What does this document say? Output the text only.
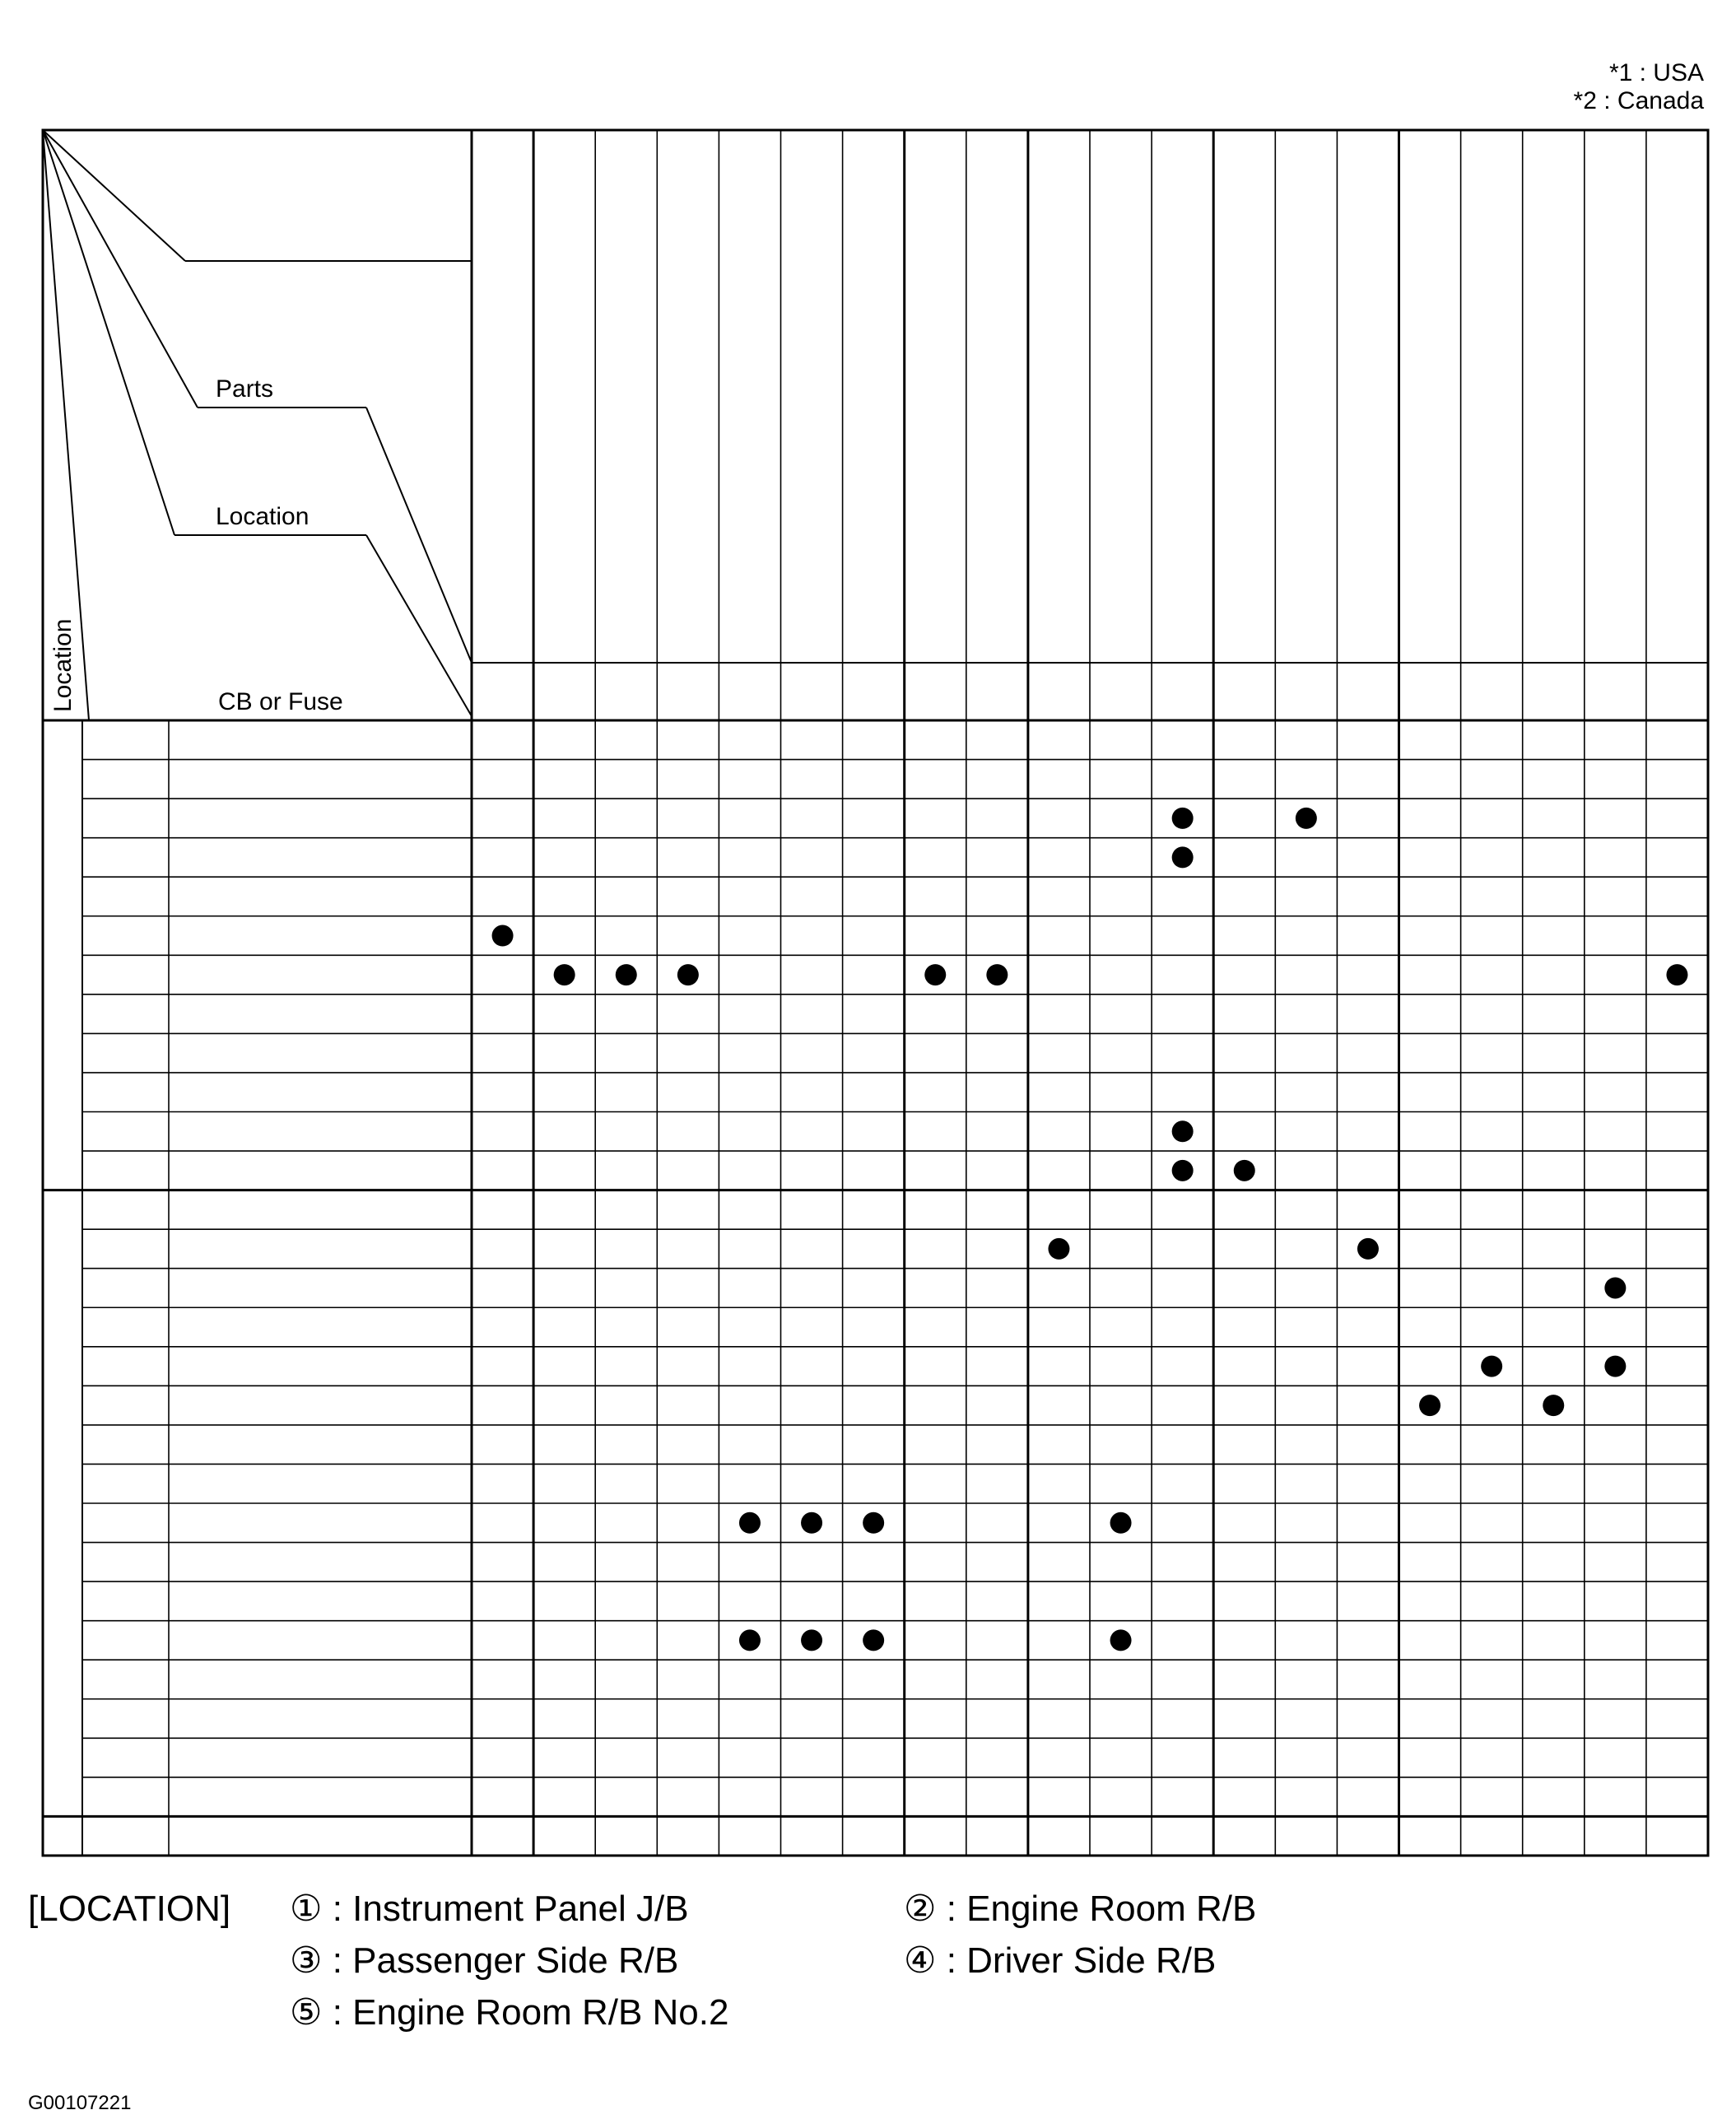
*1 : USA
*2 : Canada
Parts
Location
CB or Fuse
Location
[LOCATION] ① : Instrument Panel J/B	② : Engine Room R/B
③ : Passenger Side R/B	④ : Driver Side R/B
⑤ : Engine Room R/B No.2
G00107221
